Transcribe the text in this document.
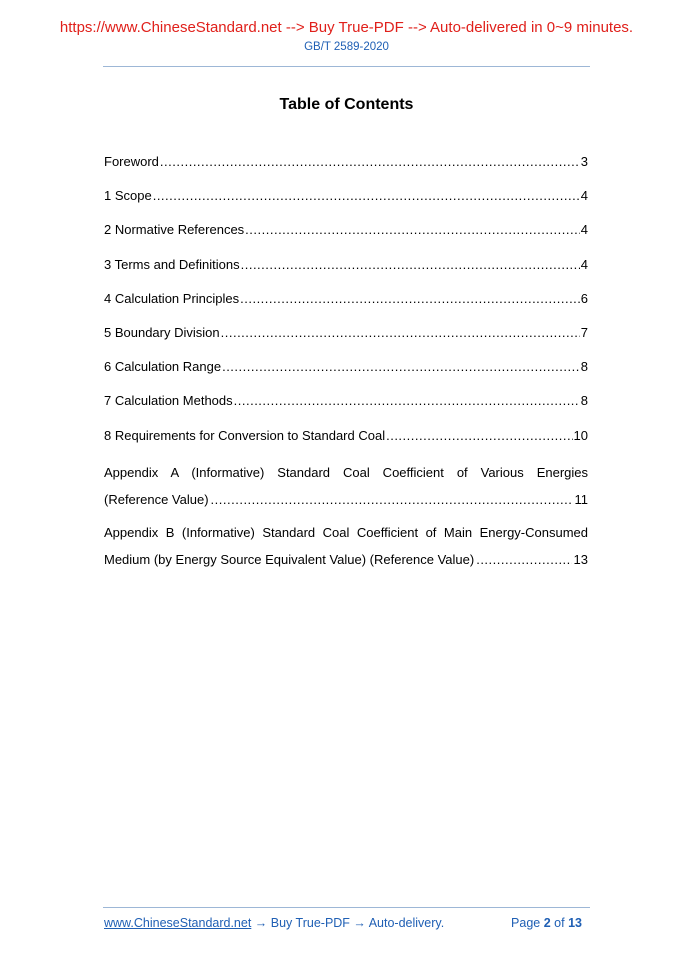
https://www.ChineseStandard.net --> Buy True-PDF --> Auto-delivered in 0~9 minutes.
GB/T 2589-2020
Table of Contents
Foreword .....	3
1 Scope .....	4
2 Normative References .....	4
3 Terms and Definitions .....	4
4 Calculation Principles .....	6
5 Boundary Division .....	7
6 Calculation Range .....	8
7 Calculation Methods .....	8
8 Requirements for Conversion to Standard Coal .....	10
Appendix A (Informative) Standard Coal Coefficient of Various Energies
(Reference Value) .....	11
Appendix B (Informative) Standard Coal Coefficient of Main Energy-Consumed
Medium (by Energy Source Equivalent Value) (Reference Value) .....	13
www.ChineseStandard.net → Buy True-PDF → Auto-delivery.	Page 2 of 13
